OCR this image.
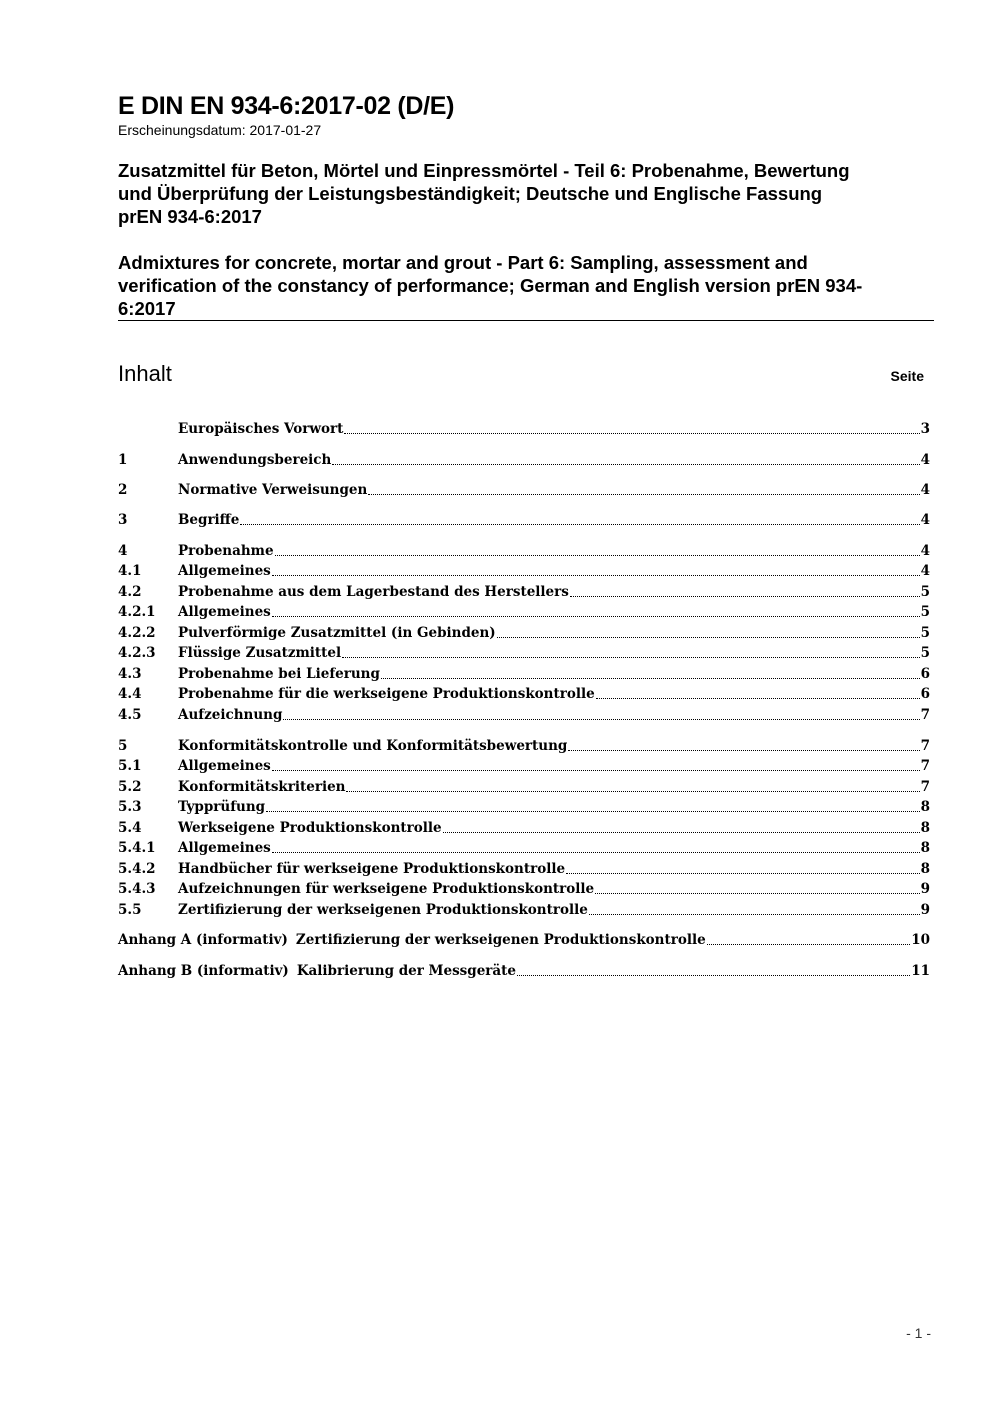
E DIN EN 934-6:2017-02 (D/E)
Erscheinungsdatum: 2017-01-27
Zusatzmittel für Beton, Mörtel und Einpressmörtel - Teil 6: Probenahme, Bewertung
und Überprüfung der Leistungsbeständigkeit; Deutsche und Englische Fassung
prEN 934-6:2017
Admixtures for concrete, mortar and grout - Part 6: Sampling, assessment and
verification of the constancy of performance; German and English version prEN 934-
6:2017
Inhalt	Seite
Europäisches Vorwort	3
1	Anwendungsbereich	4
2	Normative Verweisungen	4
3	Begriffe	4
4	Probenahme	4
4.1	Allgemeines	4
4.2	Probenahme aus dem Lagerbestand des Herstellers	5
4.2.1	Allgemeines	5
4.2.2	Pulverförmige Zusatzmittel (in Gebinden)	5
4.2.3	Flüssige Zusatzmittel	5
4.3	Probenahme bei Lieferung	6
4.4	Probenahme für die werkseigene Produktionskontrolle	6
4.5	Aufzeichnung	7
5	Konformitätskontrolle und Konformitätsbewertung	7
5.1	Allgemeines	7
5.2	Konformitätskriterien	7
5.3	Typprüfung	8
5.4	Werkseigene Produktionskontrolle	8
5.4.1	Allgemeines	8
5.4.2	Handbücher für werkseigene Produktionskontrolle	8
5.4.3	Aufzeichnungen für werkseigene Produktionskontrolle	9
5.5	Zertifizierung der werkseigenen Produktionskontrolle	9
Anhang A (informativ) Zertifizierung der werkseigenen Produktionskontrolle	10
Anhang B (informativ) Kalibrierung der Messgeräte	11
- 1 -
